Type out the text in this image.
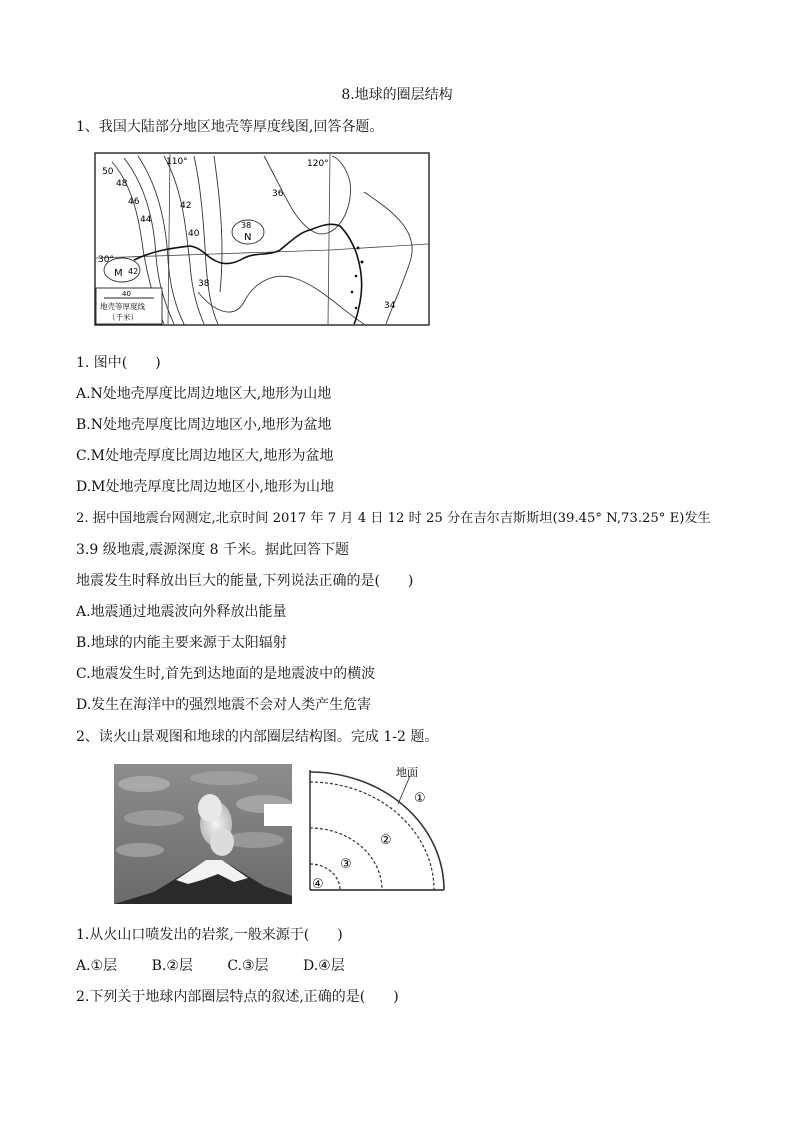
8.地球的圈层结构
1、我国大陆部分地区地壳等厚度线图,回答各题。
110°	120°
30°
50
48
46
44
42
40
36
38
42
38
34
N
M
40
地壳等厚度线
（千米）
1. 图中(　　)
A.N处地壳厚度比周边地区大,地形为山地
B.N处地壳厚度比周边地区小,地形为盆地
C.M处地壳厚度比周边地区大,地形为盆地
D.M处地壳厚度比周边地区小,地形为山地
2. 据中国地震台网测定,北京时间 2017 年 7 月 4 日 12 时 25 分在吉尔吉斯斯坦(39.45° N,73.25° E)发生
3.9 级地震,震源深度 8 千米。据此回答下题
地震发生时释放出巨大的能量,下列说法正确的是(　　)
A.地震通过地震波向外释放出能量
B.地球的内能主要来源于太阳辐射
C.地震发生时,首先到达地面的是地震波中的横波
D.发生在海洋中的强烈地震不会对人类产生危害
2、读火山景观图和地球的内部圈层结构图。完成 1-2 题。
地面
①
②
③
④
1.从火山口喷发出的岩浆,一般来源于(　　)
A.①层 B.②层 C.③层 D.④层
2.下列关于地球内部圈层特点的叙述,正确的是(　　)
